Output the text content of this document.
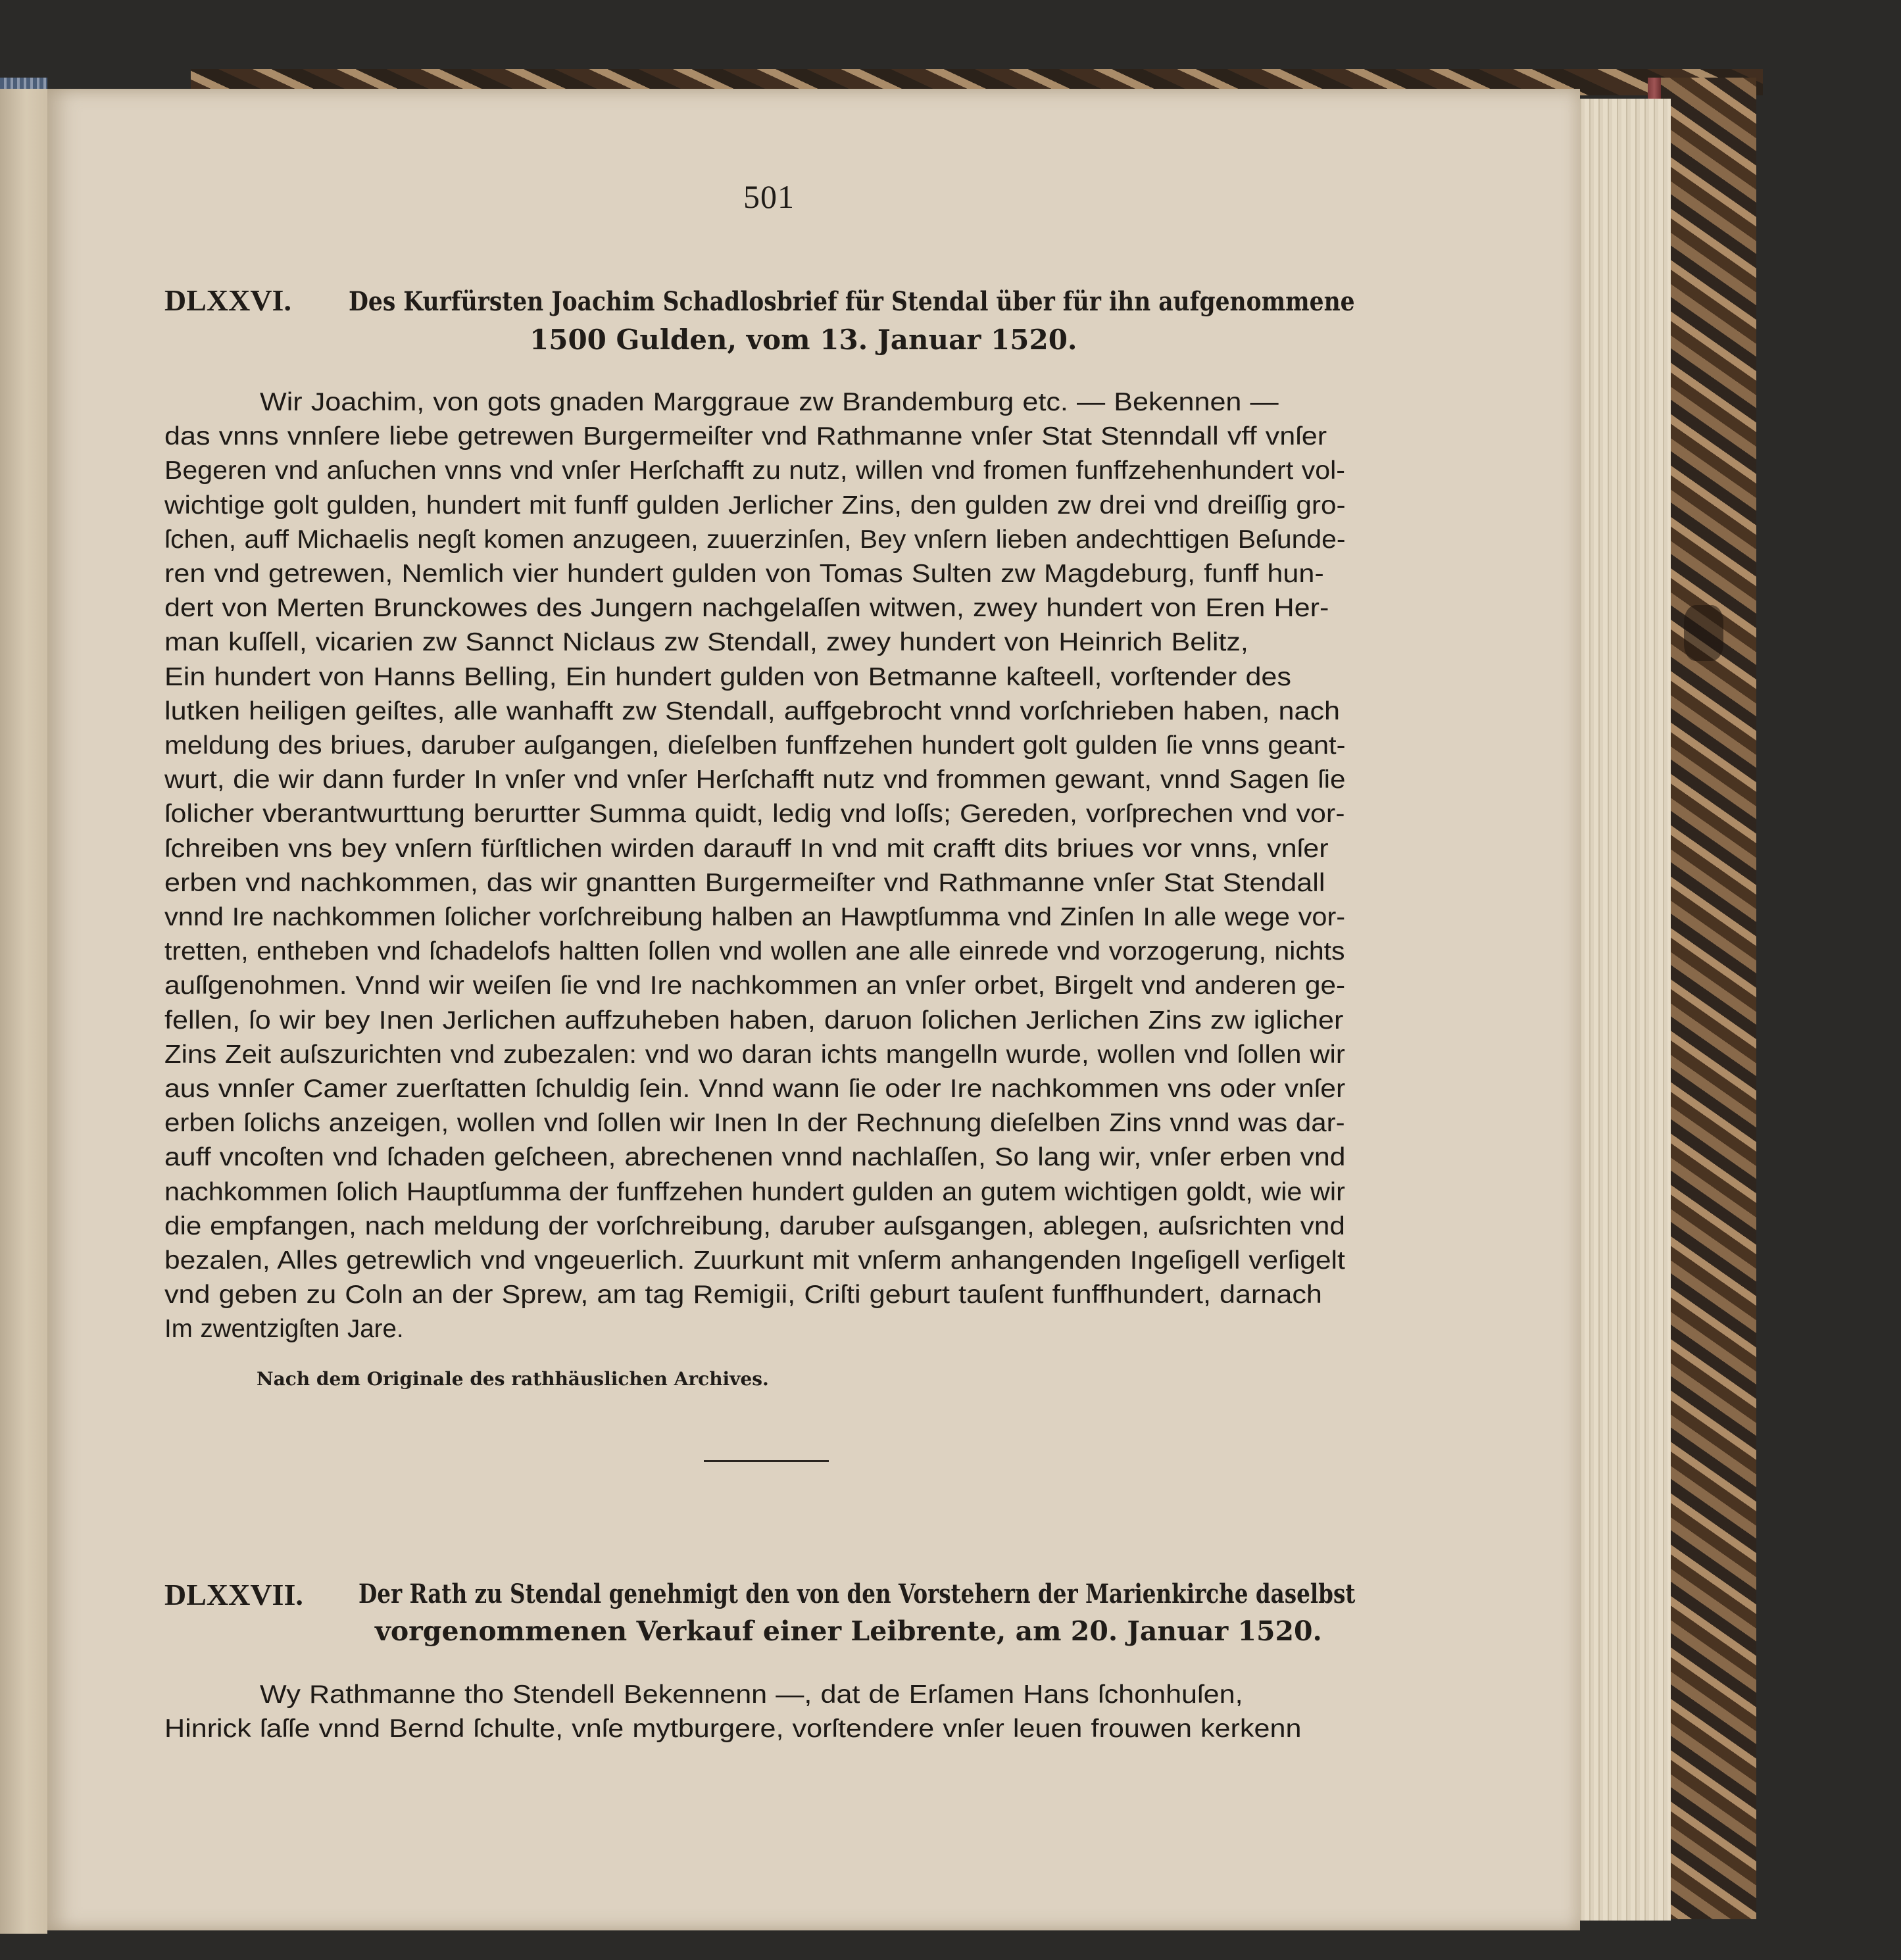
501
DLXXVI. Des Kurfürsten Joachim Schadlosbrief für Stendal über für ihn aufgenommene
1500 Gulden, vom 13. Januar 1520.
Wir Joachim, von gots gnaden Marggraue zw Brandemburg etc. — Bekennen —
das vnns vnnſere liebe getrewen Burgermeiſter vnd Rathmanne vnſer Stat Stenndall vff vnſer
Begeren vnd anſuchen vnns vnd vnſer Herſchafft zu nutz, willen vnd fromen funffzehenhundert vol-
wichtige golt gulden, hundert mit funff gulden Jerlicher Zins, den gulden zw drei vnd dreiſſig gro-
ſchen, auff Michaelis negſt komen anzugeen, zuuerzinſen, Bey vnſern lieben andechttigen Beſunde-
ren vnd getrewen, Nemlich vier hundert gulden von Tomas Sulten zw Magdeburg, funff hun-
dert von Merten Brunckowes des Jungern nachgelaſſen witwen, zwey hundert von Eren Her-
man kuſſell, vicarien zw Sannct Niclaus zw Stendall, zwey hundert von Heinrich Belitz,
Ein hundert von Hanns Belling, Ein hundert gulden von Betmanne kaſteell, vorſtender des
lutken heiligen geiſtes, alle wanhafft zw Stendall, auffgebrocht vnnd vorſchrieben haben, nach
meldung des briues, daruber auſgangen, dieſelben funffzehen hundert golt gulden ſie vnns geant-
wurt, die wir dann furder In vnſer vnd vnſer Herſchafft nutz vnd frommen gewant, vnnd Sagen ſie
ſolicher vberantwurttung berurtter Summa quidt, ledig vnd loſſs; Gereden, vorſprechen vnd vor-
ſchreiben vns bey vnſern fürſtlichen wirden darauff In vnd mit crafft dits briues vor vnns, vnſer
erben vnd nachkommen, das wir gnantten Burgermeiſter vnd Rathmanne vnſer Stat Stendall
vnnd Ire nachkommen ſolicher vorſchreibung halben an Hawptſumma vnd Zinſen In alle wege vor-
tretten, entheben vnd ſchadelofs haltten ſollen vnd wollen ane alle einrede vnd vorzogerung, nichts
auſſgenohmen. Vnnd wir weiſen ſie vnd Ire nachkommen an vnſer orbet, Birgelt vnd anderen ge-
fellen, ſo wir bey Inen Jerlichen auffzuheben haben, daruon ſolichen Jerlichen Zins zw iglicher
Zins Zeit auſszurichten vnd zubezalen: vnd wo daran ichts mangelln wurde, wollen vnd ſollen wir
aus vnnſer Camer zuerſtatten ſchuldig ſein. Vnnd wann ſie oder Ire nachkommen vns oder vnſer
erben ſolichs anzeigen, wollen vnd ſollen wir Inen In der Rechnung dieſelben Zins vnnd was dar-
auff vncoſten vnd ſchaden geſcheen, abrechenen vnnd nachlaſſen, So lang wir, vnſer erben vnd
nachkommen ſolich Hauptſumma der funffzehen hundert gulden an gutem wichtigen goldt, wie wir
die empfangen, nach meldung der vorſchreibung, daruber auſsgangen, ablegen, auſsrichten vnd
bezalen, Alles getrewlich vnd vngeuerlich. Zuurkunt mit vnſerm anhangenden Ingeſigell verſigelt
vnd geben zu Coln an der Sprew, am tag Remigii, Criſti geburt tauſent funffhundert, darnach
Im zwentzigſten Jare.
Nach dem Originale des rathhäuslichen Archives.
DLXXVII. Der Rath zu Stendal genehmigt den von den Vorstehern der Marienkirche daselbst
vorgenommenen Verkauf einer Leibrente, am 20. Januar 1520.
Wy Rathmanne tho Stendell Bekennenn —, dat de Erſamen Hans ſchonhuſen,
Hinrick ſaſſe vnnd Bernd ſchulte, vnſe mytburgere, vorſtendere vnſer leuen frouwen kerkenn
